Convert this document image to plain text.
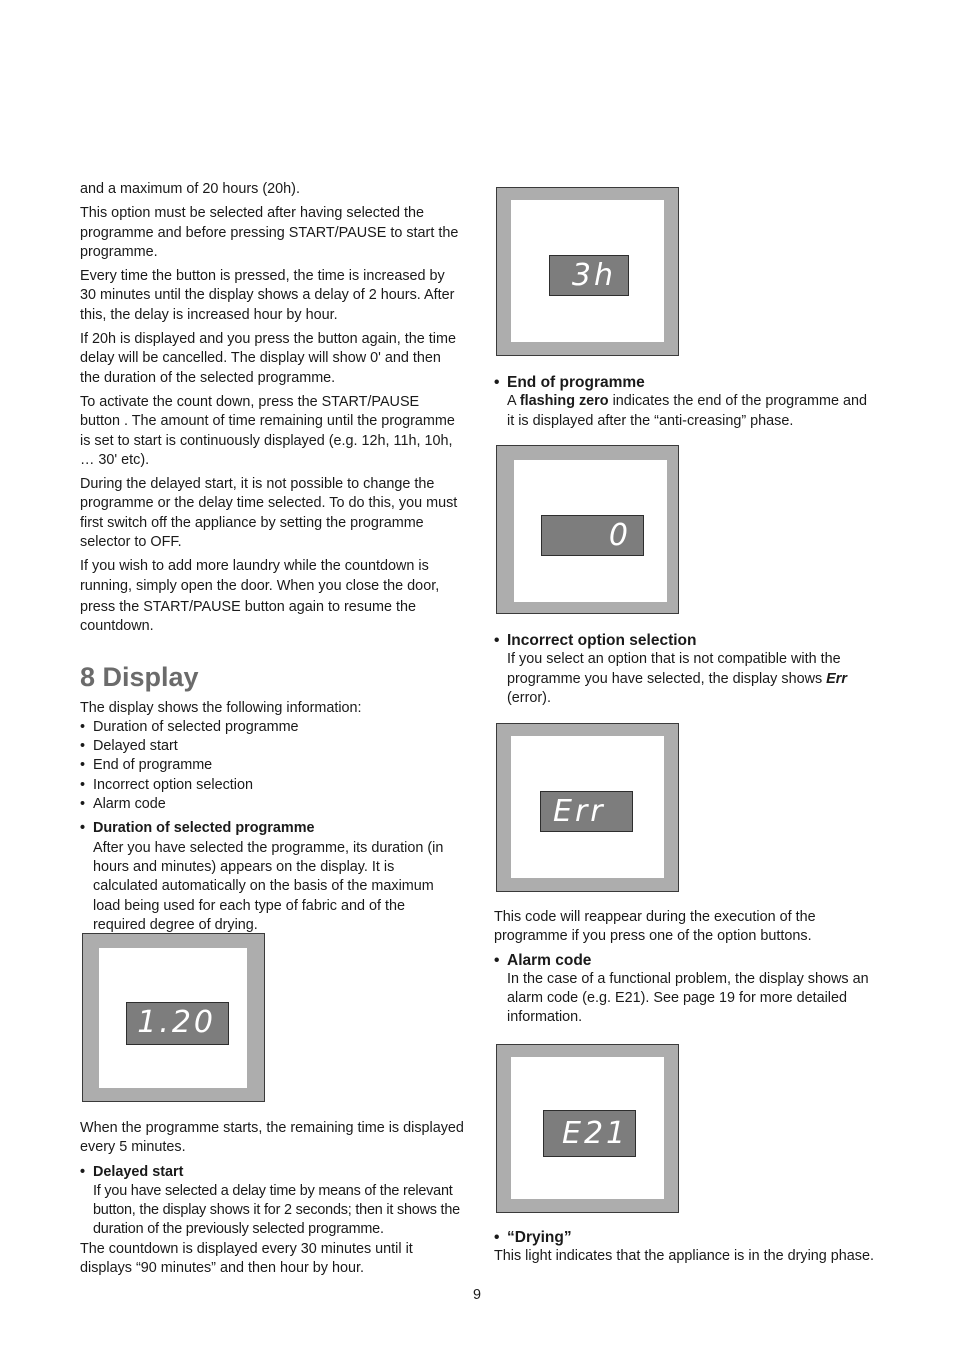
and a maximum of 20 hours (20h).

This option must be selected after having selected the programme and before pressing START/PAUSE to start the programme.

Every time the button is pressed, the time is increased by 30 minutes until the display shows a delay of 2 hours. After this, the delay is increased hour by hour.

If 20h is displayed and you press the button again, the time delay will be cancelled. The display will show 0' and then the duration of the selected programme.

To activate the count down, press the START/PAUSE button . The amount of time remaining until the programme is set to start is continuously displayed (e.g. 12h, 11h, 10h, … 30' etc).

During the delayed start, it is not possible to change the programme or the delay time selected. To do this, you must first switch off the appliance by setting the programme selector to OFF.

If you wish to add more laundry while the countdown is running, simply open the door. When you close the door,

press the START/PAUSE button again to resume the countdown.

8 Display
The display shows the following information:
• Duration of selected programme
• Delayed start
• End of programme
• Incorrect option selection
• Alarm code
• Duration of selected programme
After you have selected the programme, its duration (in hours and minutes) appears on the display. It is calculated automatically on the basis of the maximum load being used for each type of fabric and of the required degree of drying.
1.20

When the programme starts, the remaining time is displayed every 5 minutes.

• Delayed start
If you have selected a delay time by means of the relevant button, the display shows it for 2 seconds; then it shows the duration of the previously selected programme.
The countdown is displayed every 30 minutes until it displays “90 minutes” and then hour by hour.
3h
• End of programme
A flashing zero indicates the end of the programme and it is displayed after the “anti-creasing” phase.
0
• Incorrect option selection
If you select an option that is not compatible with the programme you have selected, the display shows Err (error).
Err

This code will reappear during the execution of the programme if you press one of the option buttons.

• Alarm code
In the case of a functional problem, the display shows an alarm code (e.g. E21). See page 19 for more detailed information.
E21
• “Drying”
This light indicates that the appliance is in the drying phase.
9
